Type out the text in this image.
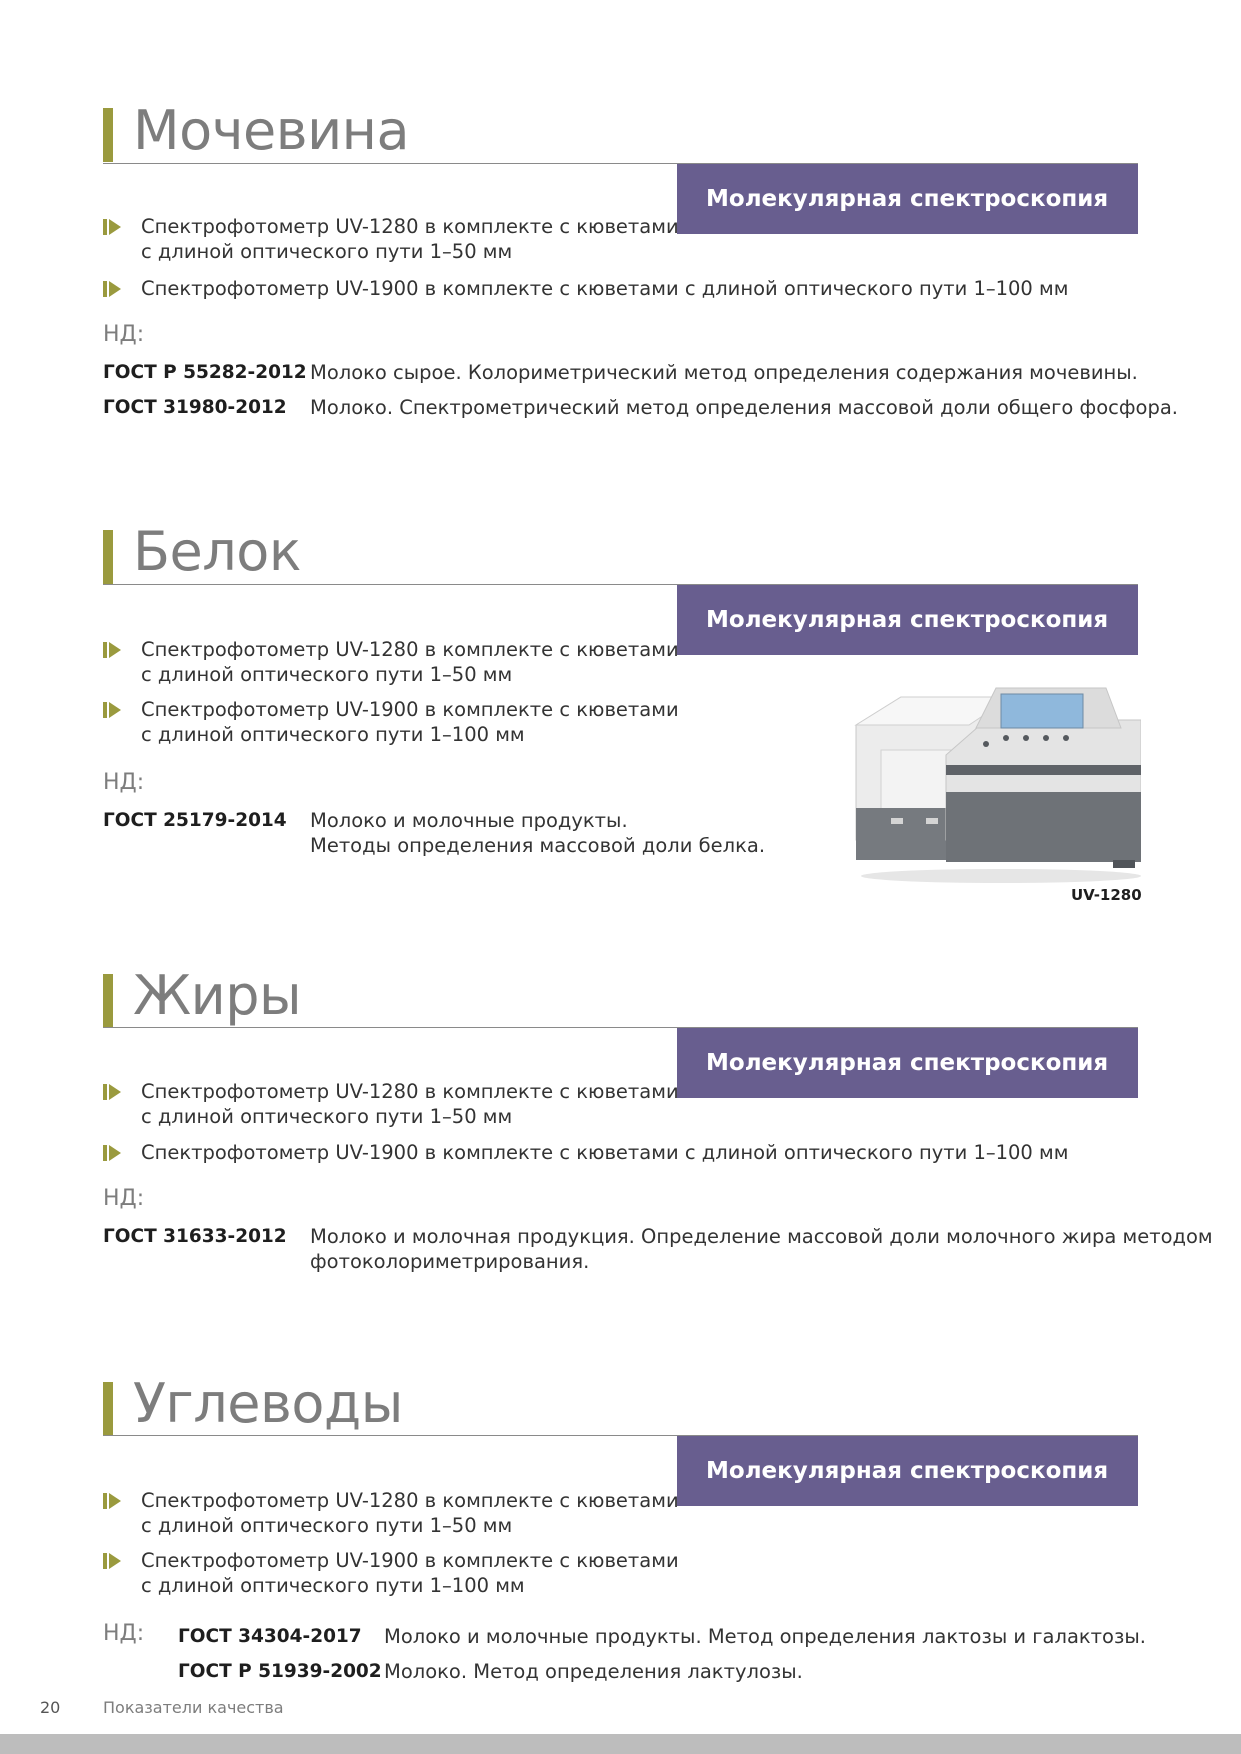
Мочевина
Молекулярная спектроскопия
Спектрофотометр UV-1280 в комплекте с кюветами
с длиной оптического пути 1–50 мм
Спектрофотометр UV-1900 в комплекте с кюветами с длиной оптического пути 1–100 мм
НД:
ГОСТ Р 55282-2012 Молоко сырое. Колориметрический метод определения содержания мочевины.
ГОСТ 31980-2012 Молоко. Спектрометрический метод определения массовой доли общего фосфора.
Белок
Молекулярная спектроскопия
Спектрофотометр UV-1280 в комплекте с кюветами
с длиной оптического пути 1–50 мм
Спектрофотометр UV-1900 в комплекте с кюветами
с длиной оптического пути 1–100 мм
НД:
ГОСТ 25179-2014 Молоко и молочные продукты.
Методы определения массовой доли белка.
UV-1280
Жиры
Молекулярная спектроскопия
Спектрофотометр UV-1280 в комплекте с кюветами
с длиной оптического пути 1–50 мм
Спектрофотометр UV-1900 в комплекте с кюветами с длиной оптического пути 1–100 мм
НД:
ГОСТ 31633-2012 Молоко и молочная продукция. Определение массовой доли молочного жира методом
фотоколориметрирования.
Углеводы
Молекулярная спектроскопия
Спектрофотометр UV-1280 в комплекте с кюветами
с длиной оптического пути 1–50 мм
Спектрофотометр UV-1900 в комплекте с кюветами
с длиной оптического пути 1–100 мм
НД: ГОСТ 34304-2017 Молоко и молочные продукты. Метод определения лактозы и галактозы.
ГОСТ Р 51939-2002 Молоко. Метод определения лактулозы.
20	Показатели качества
